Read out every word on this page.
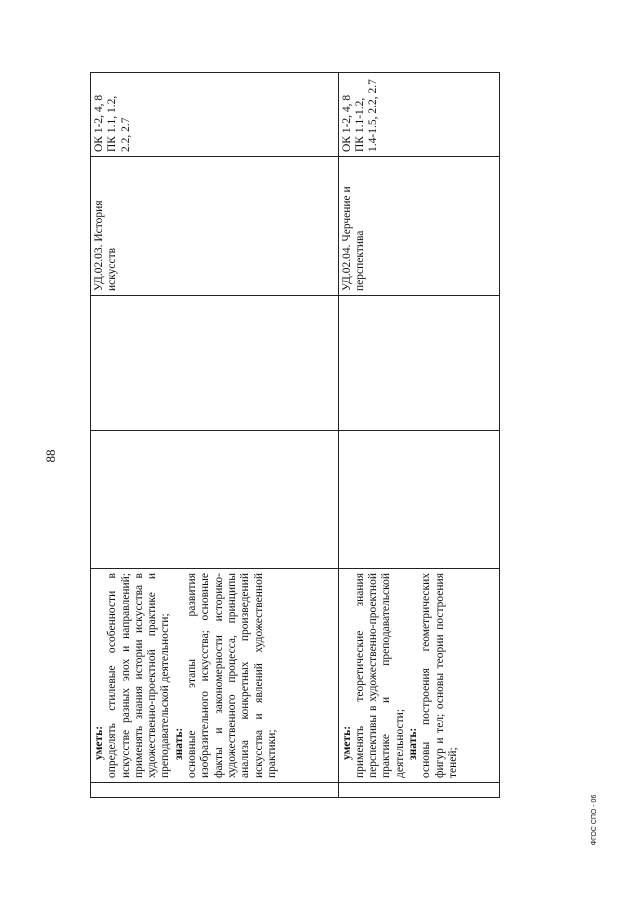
88

	уметь: определять стилевые особенности в искусстве разных эпох и направлений; применять знания истории искусства в художественно-проектной практике и преподавательской деятельности; знать: основные этапы развития изобразительного искусства; основные факты и закономерности историко-художественного процесса, принципы анализа конкретных произведений искусства и явлений художественной практики;			УД.02.03. История искусств	ОК 1-2, 4, 8 ПК 1.1, 1.2, 2.2, 2.7

	уметь: применять теоретические знания перспективы в художественно-проектной практике и преподавательской деятельности; знать: основы построения геометрических фигур и тел; основы теории построения теней;			УД.02.04. Черчение и перспектива	ОК 1-2, 4, 8 ПК 1.1-1.2, 1.4-1.5, 2.2, 2.7
ФГОС СПО - 06
